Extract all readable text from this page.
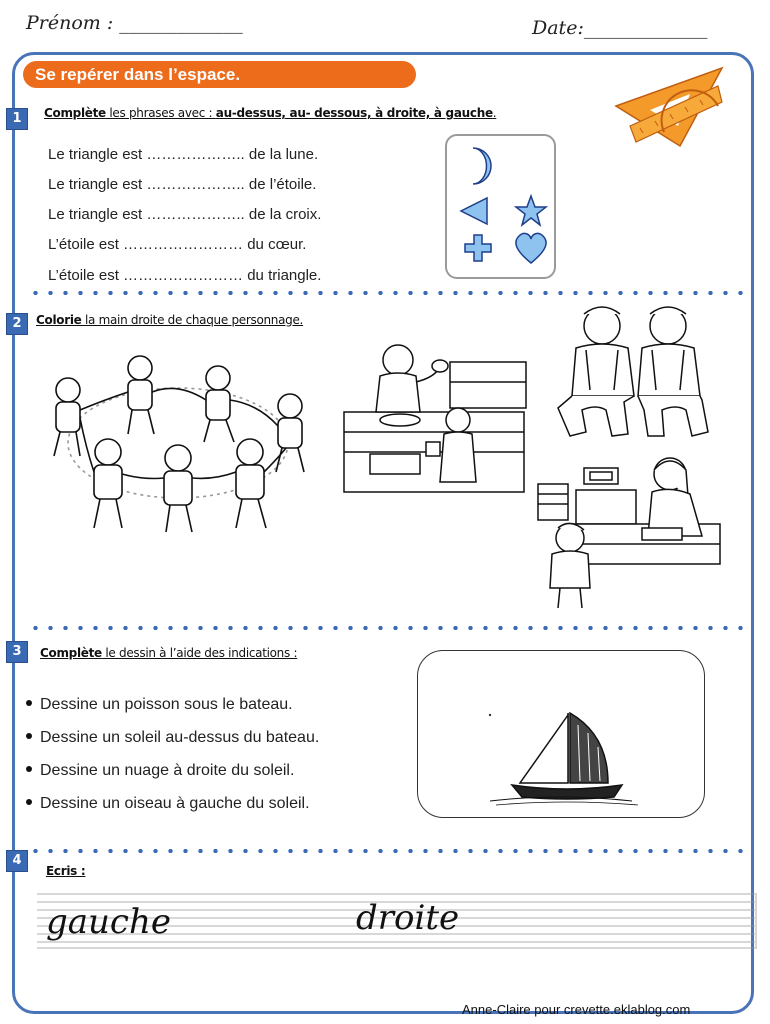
Prénom : _____________	Date:_____________
Se repérer dans l’espace.
1	Complète les phrases avec : au-dessus, au- dessous, à droite, à gauche.
Le triangle est ……………….. de la lune.
Le triangle est ……………….. de l’étoile.
Le triangle est ……………….. de la croix.
L’étoile est …………………… du cœur.
L’étoile est …………………… du triangle.
2	Colorie la main droite de chaque personnage.
3	Complète le dessin à l’aide des indications :
Dessine un poisson sous le bateau.
Dessine un soleil au-dessus du bateau.
Dessine un nuage à droite du soleil.
Dessine un oiseau à gauche du soleil.
4
Ecris :
gauche	droite
Anne-Claire pour crevette.eklablog.com
